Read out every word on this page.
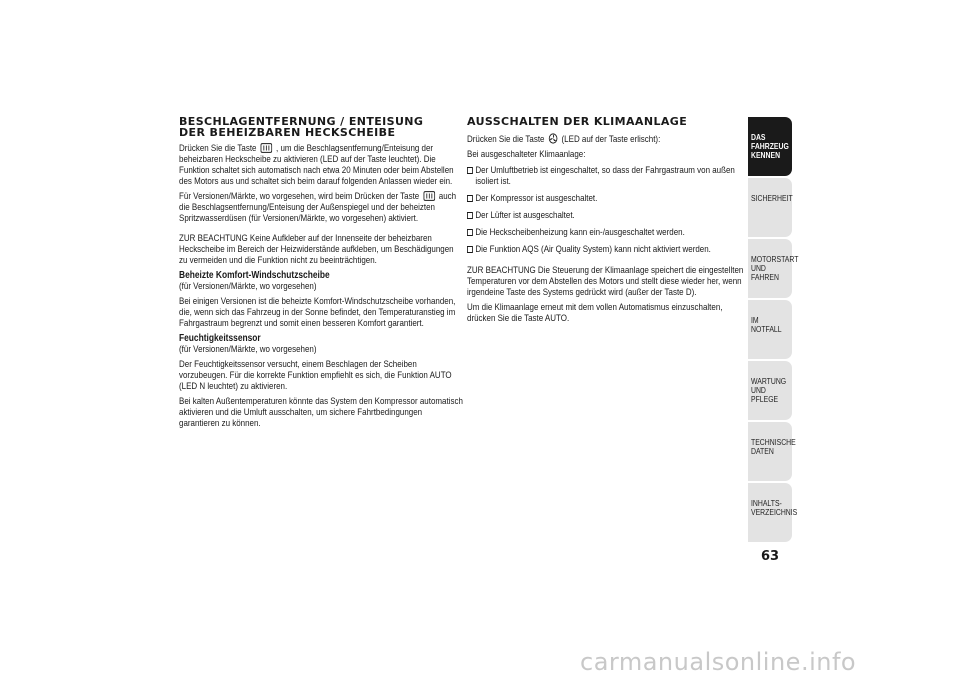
BESCHLAGENTFERNUNG / ENTEISUNG
DER BEHEIZBAREN HECKSCHEIBE

Drücken Sie die Taste , um die Beschlagsentfernung/Enteisung der beheizbaren Heckscheibe zu aktivieren (LED auf der Taste leuchtet). Die Funktion schaltet sich automatisch nach etwa 20 Minuten oder beim Abstellen des Motors aus und schaltet sich beim darauf folgenden Anlassen wieder ein.

Für Versionen/Märkte, wo vorgesehen, wird beim Drücken der Taste auch die Beschlagsentfernung/Enteisung der Außenspiegel und der beheizten Spritzwasserdüsen (für Versionen/Märkte, wo vorgesehen) aktiviert.

ZUR BEACHTUNG Keine Aufkleber auf der Innenseite der beheizbaren Heckscheibe im Bereich der Heizwiderstände aufkleben, um Beschädigungen zu vermeiden und die Funktion nicht zu beeinträchtigen.

Beheizte Komfort-Windschutzscheibe

(für Versionen/Märkte, wo vorgesehen)

Bei einigen Versionen ist die beheizte Komfort-Windschutzscheibe vorhanden, die, wenn sich das Fahrzeug in der Sonne befindet, den Temperaturanstieg im Fahrgastraum begrenzt und somit einen besseren Komfort garantiert.

Feuchtigkeitssensor

(für Versionen/Märkte, wo vorgesehen)

Der Feuchtigkeitssensor versucht, einem Beschlagen der Scheiben vorzubeugen. Für die korrekte Funktion empfiehlt es sich, die Funktion AUTO (LED N leuchtet) zu aktivieren.

Bei kalten Außentemperaturen könnte das System den Kompressor automatisch aktivieren und die Umluft ausschalten, um sichere Fahrtbedingungen garantieren zu können.

AUSSCHALTEN DER KLIMAANLAGE

Drücken Sie die Taste (LED auf der Taste erlischt):

Bei ausgeschalteter Klimaanlage:

Der Umluftbetrieb ist eingeschaltet, so dass der Fahrgastraum von außen isoliert ist.
Der Kompressor ist ausgeschaltet.
Der Lüfter ist ausgeschaltet.
Die Heckscheibenheizung kann ein-/ausgeschaltet werden.
Die Funktion AQS (Air Quality System) kann nicht aktiviert werden.

ZUR BEACHTUNG Die Steuerung der Klimaanlage speichert die eingestellten Temperaturen vor dem Abstellen des Motors und stellt diese wieder her, wenn irgendeine Taste des Systems gedrückt wird (außer der Taste D).

Um die Klimaanlage erneut mit dem vollen Automatismus einzuschalten, drücken Sie die Taste AUTO.

DAS FAHRZEUG KENNEN
SICHERHEIT
MOTORSTART UND FAHREN
IM NOTFALL
WARTUNG UND PFLEGE
TECHNISCHE DATEN
INHALTS- VERZEICHNIS
63
carmanualsonline.info
